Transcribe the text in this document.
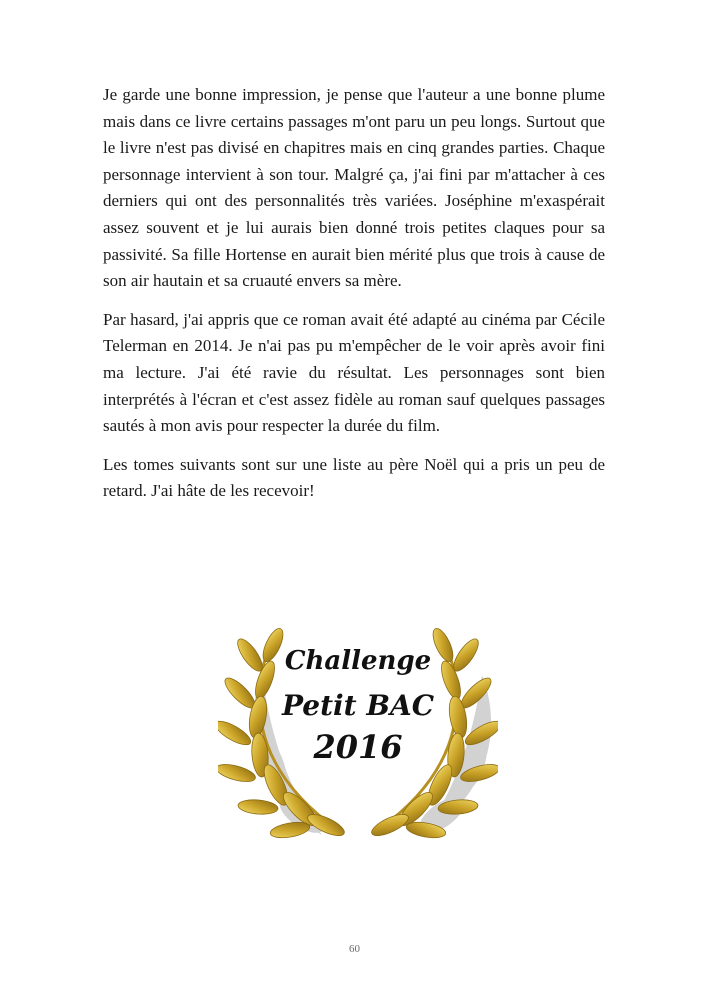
Je garde une bonne impression, je pense que l'auteur a une bonne plume mais dans ce livre certains passages m'ont paru un peu longs. Surtout que le livre n'est pas divisé en chapitres mais en cinq grandes parties. Chaque personnage intervient à son tour. Malgré ça, j'ai fini par m'attacher à ces derniers qui ont des personnalités très variées. Joséphine m'exaspérait assez souvent et je lui aurais bien donné trois petites claques pour sa passivité. Sa fille Hortense en aurait bien mérité plus que trois à cause de son air hautain et sa cruauté envers sa mère.

Par hasard, j'ai appris que ce roman avait été adapté au cinéma par Cécile Telerman en 2014. Je n'ai pas pu m'empêcher de le voir après avoir fini ma lecture. J'ai été ravie du résultat. Les personnages sont bien interprétés à l'écran et c'est assez fidèle au roman sauf quelques passages sautés à mon avis pour respecter la durée du film.

Les tomes suivants sont sur une liste au père Noël qui a pris un peu de retard. J'ai hâte de les recevoir!

Challenge
Petit BAC
2016
60
